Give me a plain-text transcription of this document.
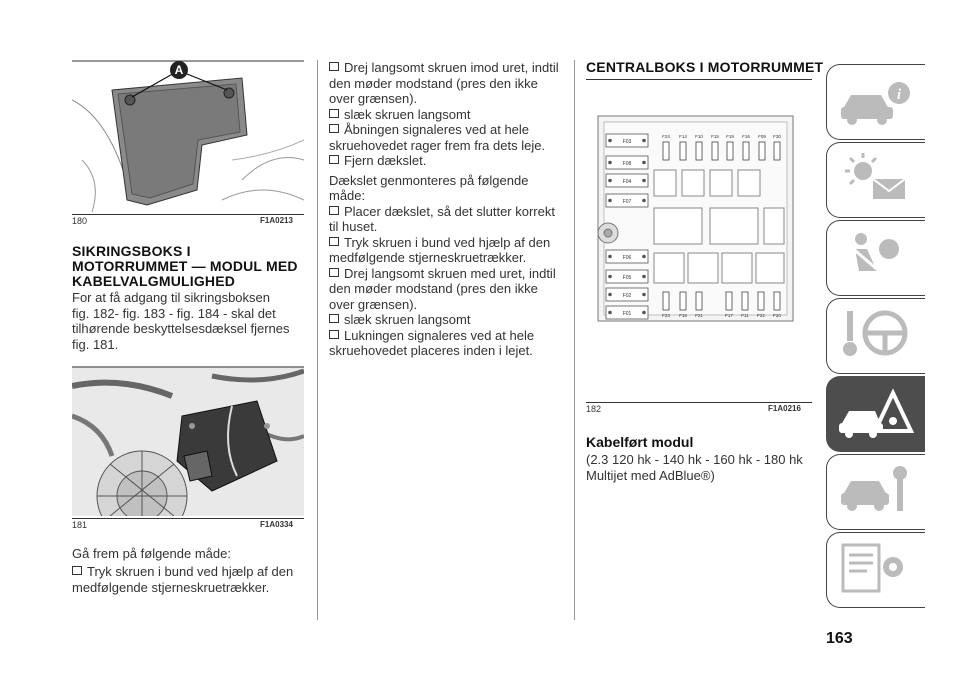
A
180	F1A0213
SIKRINGSBOKS I
MOTORRUMMET — MODUL MED
KABELVALGMULIGHED
For at få adgang til sikringsboksen
fig. 182- fig. 183 - fig. 184 - skal det
tilhørende beskyttelsesdæksel fjernes
fig. 181.
181	F1A0334
Gå frem på følgende måde:
Tryk skruen i bund ved hjælp af den
medfølgende stjerneskruetrækker.
Drej langsomt skruen imod uret, indtil
den møder modstand (pres den ikke
over grænsen).
slæk skruen langsomt
Åbningen signaleres ved at hele
skruehovedet rager frem fra dets leje.
Fjern dækslet.
Dækslet genmonteres på følgende
måde:
Placer dækslet, så det slutter korrekt
til huset.
Tryk skruen i bund ved hjælp af den
medfølgende stjerneskruetrækker.
Drej langsomt skruen med uret, indtil
den møder modstand (pres den ikke
over grænsen).
slæk skruen langsomt
Lukningen signaleres ved at hele
skruehovedet placeres inden i lejet.
CENTRALBOKS I MOTORRUMMET
F03
F08
F04
F07
F06
F05
F02
F01
F24 F14 F10 F15 F19 F16 F09 F30
F23 F18 F21	F17 F11 F22 F20
182	F1A0216
Kabelført modul
(2.3 120 hk - 140 hk - 160 hk - 180 hk
Multijet med AdBlue®)
i
163
